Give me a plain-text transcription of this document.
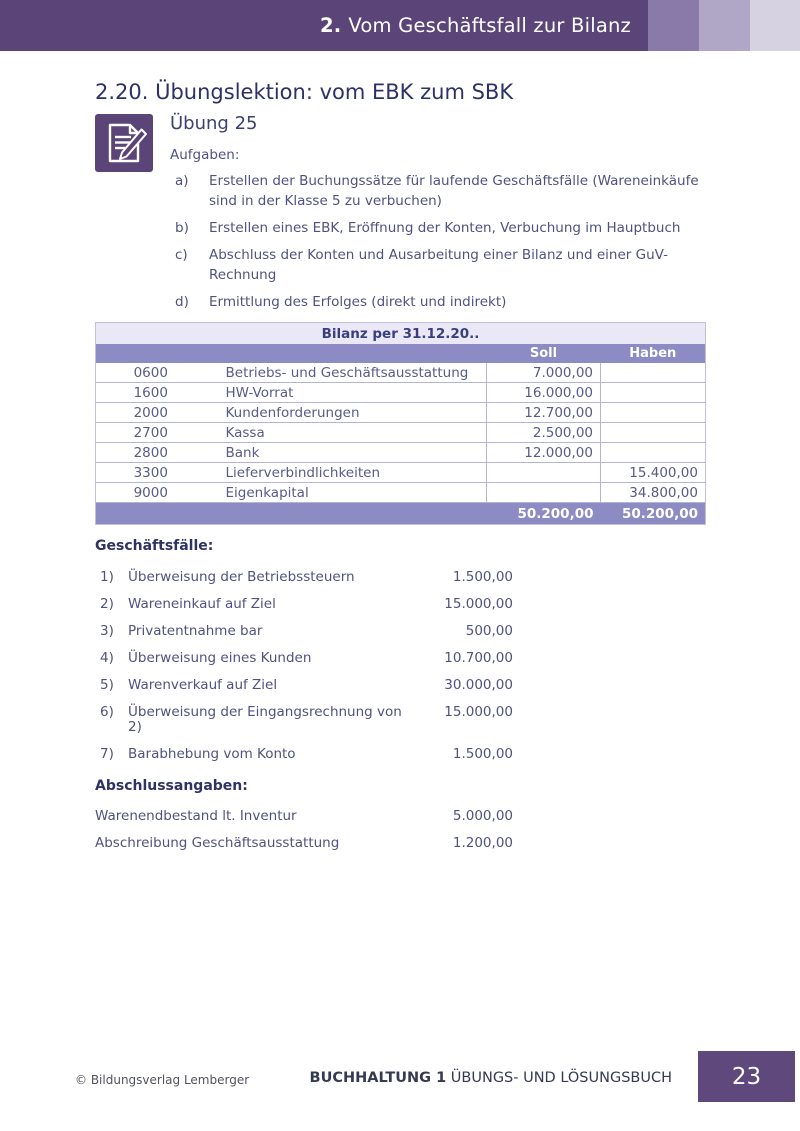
2. Vom Geschäftsfall zur Bilanz
2.20. Übungslektion: vom EBK zum SBK
Übung 25
Aufgaben:
a)	Erstellen der Buchungssätze für laufende Geschäftsfälle (Wareneinkäufe
sind in der Klasse 5 zu verbuchen)
b)	Erstellen eines EBK, Eröffnung der Konten, Verbuchung im Hauptbuch
c)	Abschluss der Konten und Ausarbeitung einer Bilanz und einer GuV-
Rechnung
d)	Ermittlung des Erfolges (direkt und indirekt)
Bilanz per 31.12.20..			
		Soll	Haben
0600	Betriebs- und Geschäftsausstattung	7.000,00	
1600	HW-Vorrat	16.000,00	
2000	Kundenforderungen	12.700,00	
2700	Kassa	2.500,00	
2800	Bank	12.000,00	
3300	Lieferverbindlichkeiten		15.400,00
9000	Eigenkapital		34.800,00
		50.200,00	50.200,00
Geschäftsfälle:
1)	Überweisung der Betriebssteuern	1.500,00
2)	Wareneinkauf auf Ziel	15.000,00
3)	Privatentnahme bar	500,00
4)	Überweisung eines Kunden	10.700,00
5)	Warenverkauf auf Ziel	30.000,00
6)	Überweisung der Eingangsrechnung von 2)
15.000,00
7)	Barabhebung vom Konto	1.500,00
Abschlussangaben:
Warenendbestand lt. Inventur	5.000,00
Abschreibung Geschäftsausstattung	1.200,00
© Bildungsverlag Lemberger	BUCHHALTUNG 1 ÜBUNGS- UND LÖSUNGSBUCH	23
